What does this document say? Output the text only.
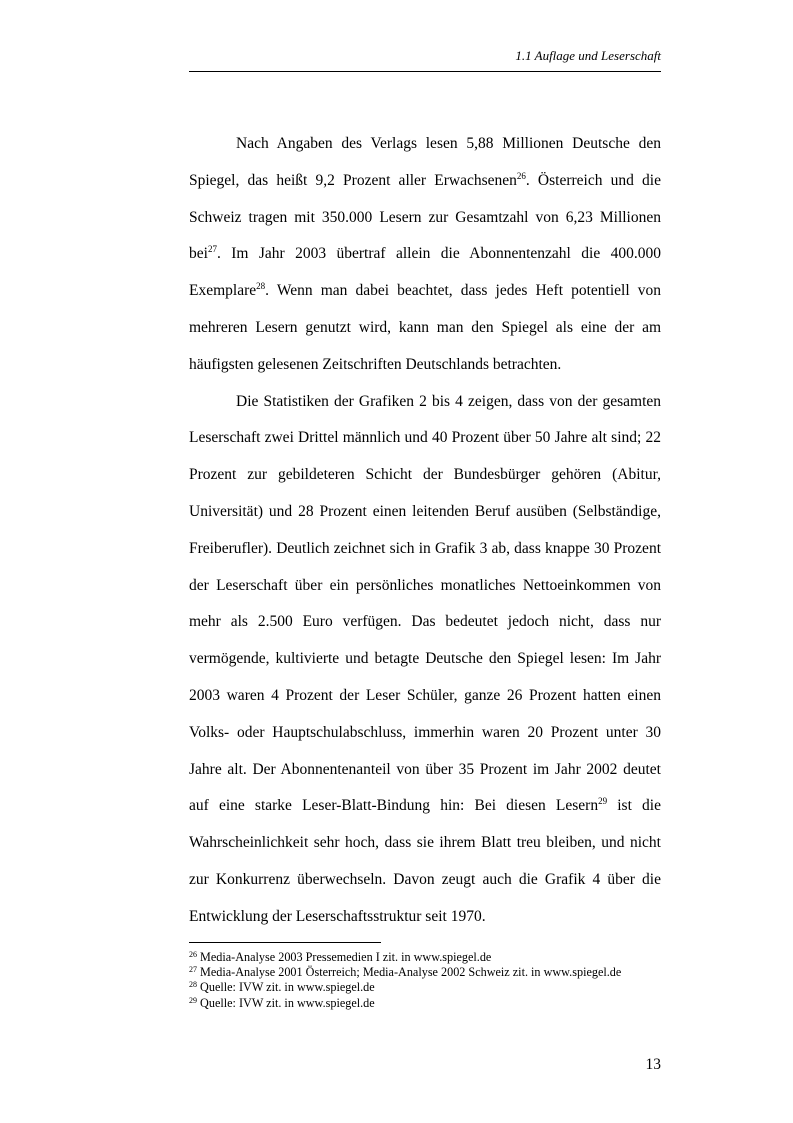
1.1 Auflage und Leserschaft

Nach Angaben des Verlags lesen 5,88 Millionen Deutsche den Spiegel, das heißt 9,2 Prozent aller Erwachsenen$^{26}$. Österreich und die Schweiz tragen mit 350.000 Lesern zur Gesamtzahl von 6,23 Millionen bei$^{27}$. Im Jahr 2003 übertraf allein die Abonnentenzahl die 400.000 Exemplare$^{28}$. Wenn man dabei beachtet, dass jedes Heft potentiell von mehreren Lesern genutzt wird, kann man den Spiegel als eine der am häufigsten gelesenen Zeitschriften Deutschlands betrachten.

Die Statistiken der Grafiken 2 bis 4 zeigen, dass von der gesamten Leserschaft zwei Drittel männlich und 40 Prozent über 50 Jahre alt sind; 22 Prozent zur gebildeteren Schicht der Bundesbürger gehören (Abitur, Universität) und 28 Prozent einen leitenden Beruf ausüben (Selbständige, Freiberufler). Deutlich zeichnet sich in Grafik 3 ab, dass knappe 30 Prozent der Leserschaft über ein persönliches monatliches Nettoeinkommen von mehr als 2.500 Euro verfügen. Das bedeutet jedoch nicht, dass nur vermögende, kultivierte und betagte Deutsche den Spiegel lesen: Im Jahr 2003 waren 4 Prozent der Leser Schüler, ganze 26 Prozent hatten einen Volks- oder Hauptschulabschluss, immerhin waren 20 Prozent unter 30 Jahre alt. Der Abonnentenanteil von über 35 Prozent im Jahr 2002 deutet auf eine starke Leser-Blatt-Bindung hin: Bei diesen Lesern$^{29}$ ist die Wahrscheinlichkeit sehr hoch, dass sie ihrem Blatt treu bleiben, und nicht zur Konkurrenz überwechseln. Davon zeugt auch die Grafik 4 über die Entwicklung der Leserschaftsstruktur seit 1970.

$^{26}$ Media-Analyse 2003 Pressemedien I zit. in www.spiegel.de

$^{27}$ Media-Analyse 2001 Österreich; Media-Analyse 2002 Schweiz zit. in www.spiegel.de

$^{28}$ Quelle: IVW zit. in www.spiegel.de

$^{29}$ Quelle: IVW zit. in www.spiegel.de

13
